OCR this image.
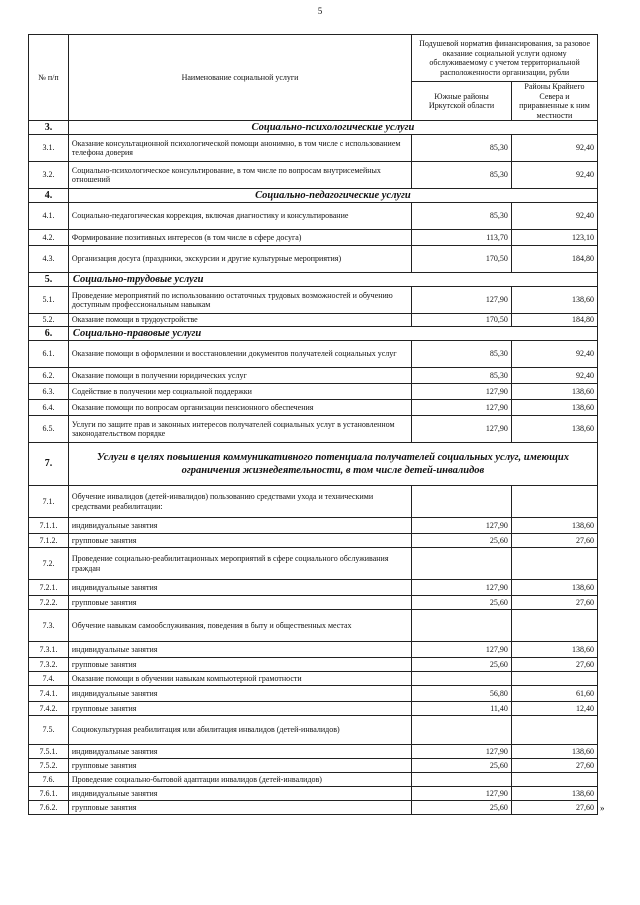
5
№ п/п	Наименование социальной услуги	Подушевой норматив финансирования, за разовое оказание социальной услуги одному обслуживаемому с учетом территориальной расположенности организации, рубли	
		Южные районы Иркутской области	Районы Крайнего Севера и приравненные к ним местности
3.	Социально-психологические услуги		
3.1.	Оказание консультационной психологической помощи анонимно, в том числе с использованием телефона доверия	85,30	92,40
3.2.	Социально-психологическое консультирование, в том числе по вопросам внутрисемейных отношений	85,30	92,40
4.	Социально-педагогические услуги		
4.1.	Социально-педагогическая коррекция, включая диагностику и консультирование	85,30	92,40
4.2.	Формирование позитивных интересов (в том числе в сфере досуга)	113,70	123,10
4.3.	Организация досуга (праздники, экскурсии и другие культурные мероприятия)	170,50	184,80
5.	Социально-трудовые услуги		
5.1.	Проведение мероприятий по использованию остаточных трудовых возможностей и обучению доступным профессиональным навыкам	127,90	138,60
5.2.	Оказание помощи в трудоустройстве	170,50	184,80
6.	Социально-правовые услуги		
6.1.	Оказание помощи в оформлении и восстановлении документов получателей социальных услуг	85,30	92,40
6.2.	Оказание помощи в получении юридических услуг	85,30	92,40
6.3.	Содействие в получении мер социальной поддержки	127,90	138,60
6.4.	Оказание помощи по вопросам организации пенсионного обеспечения	127,90	138,60
6.5.	Услуги по защите прав и законных интересов получателей социальных услуг в установленном законодательством порядке	127,90	138,60
7.	Услуги в целях повышения коммуникативного потенциала получателей социальных услуг, имеющих ограничения жизнедеятельности, в том числе детей-инвалидов		
7.1.	Обучение инвалидов (детей-инвалидов) пользованию средствами ухода и техническими средствами реабилитации:		
7.1.1.	индивидуальные занятия	127,90	138,60
7.1.2.	групповые занятия	25,60	27,60
7.2.	Проведение социально-реабилитационных мероприятий в сфере социального обслуживания граждан		
7.2.1.	индивидуальные занятия	127,90	138,60
7.2.2.	групповые занятия	25,60	27,60
7.3.	Обучение навыкам самообслуживания, поведения в быту и общественных местах		
7.3.1.	индивидуальные занятия	127,90	138,60
7.3.2.	групповые занятия	25,60	27,60
7.4.	Оказание помощи в обучении навыкам компьютерной грамотности		
7.4.1.	индивидуальные занятия	56,80	61,60
7.4.2.	групповые занятия	11,40	12,40
7.5.	Социокультурная реабилитация или абилитация инвалидов (детей-инвалидов)		
7.5.1.	индивидуальные занятия	127,90	138,60
7.5.2.	групповые занятия	25,60	27,60
7.6.	Проведение социально-бытовой адаптации инвалидов (детей-инвалидов)		
7.6.1.	индивидуальные занятия	127,90	138,60
7.6.2.	групповые занятия	25,60	27,60 »
